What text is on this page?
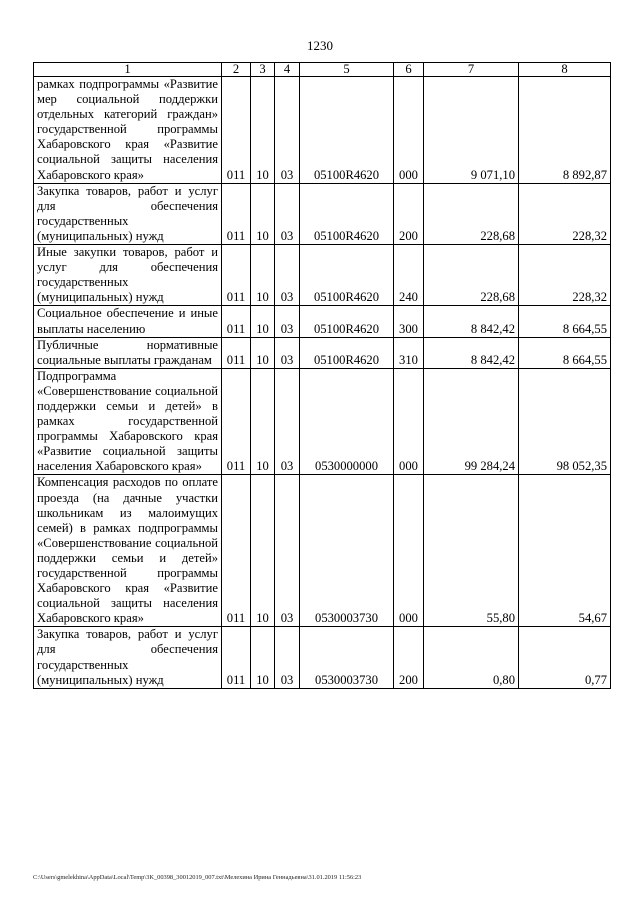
1230
1	2	3	4	5	6	7	8
рамках подпрограммы «Развитие мер социальной поддержки отдельных категорий граждан» государственной программы Хабаровского края «Развитие социальной защиты населения Хабаровского края»	011	10	03	05100R4620	000	9 071,10	8 892,87
Закупка товаров, работ и услуг для обеспечения государственных (муниципальных) нужд	011	10	03	05100R4620	200	228,68	228,32
Иные закупки товаров, работ и услуг для обеспечения государственных (муниципальных) нужд	011	10	03	05100R4620	240	228,68	228,32
Социальное обеспечение и иные выплаты населению	011	10	03	05100R4620	300	8 842,42	8 664,55
Публичные нормативные социальные выплаты гражданам	011	10	03	05100R4620	310	8 842,42	8 664,55
Подпрограмма «Совершенствование социальной поддержки семьи и детей» в рамках государственной программы Хабаровского края «Развитие социальной защиты населения Хабаровского края»	011	10	03	0530000000	000	99 284,24	98 052,35
Компенсация расходов по оплате проезда (на дачные участки школьникам из малоимущих семей) в рамках подпрограммы «Совершенствование социальной поддержки семьи и детей» государственной программы Хабаровского края «Развитие социальной защиты населения Хабаровского края»	011	10	03	0530003730	000	55,80	54,67
Закупка товаров, работ и услуг для обеспечения государственных (муниципальных) нужд	011	10	03	0530003730	200	0,80	0,77
C:\Users\gmelekhina\AppData\Local\Temp\3K_00398_30012019_007.txt\Мелехина Ирина Геннадьевна\31.01.2019 11:56:23
